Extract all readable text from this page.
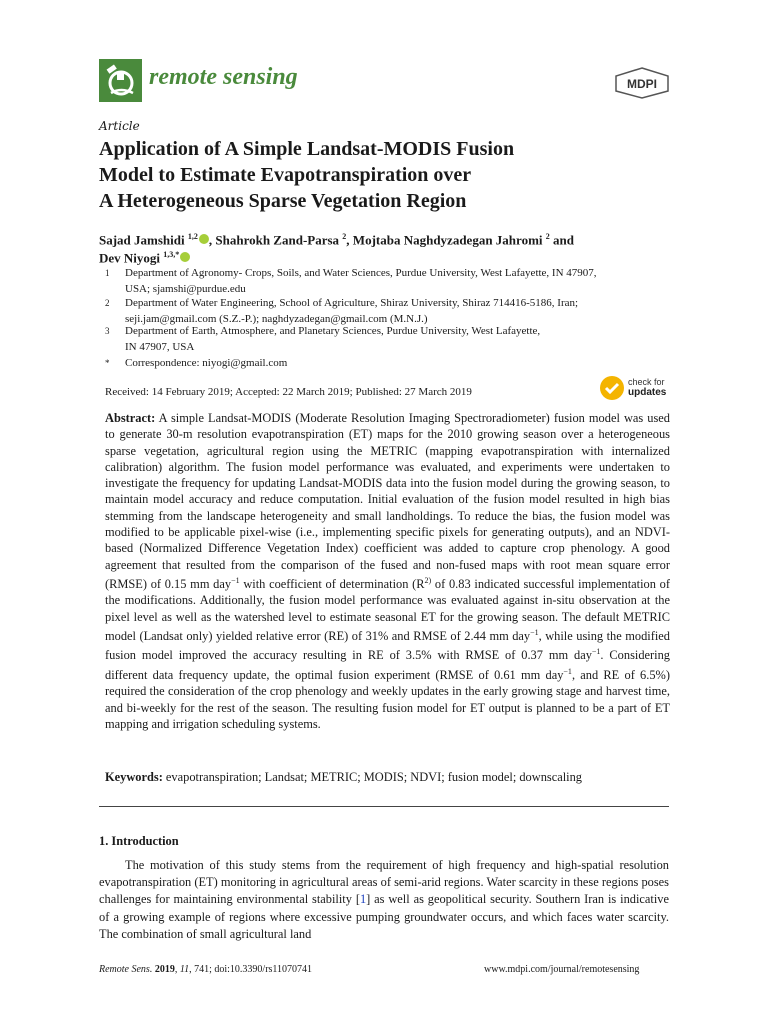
remote sensing	MDPI
Article
Application of A Simple Landsat-MODIS Fusion
Model to Estimate Evapotranspiration over
A Heterogeneous Sparse Vegetation Region
Sajad Jamshidi $^{1,2}$ , Shahrokh Zand-Parsa $^2$, Mojtaba Naghdyzadegan Jahromi $^2$ and
Dev Niyogi $^{1,3,*}$
1 Department of Agronomy- Crops, Soils, and Water Sciences, Purdue University, West Lafayette, IN 47907,
USA; sjamshi@purdue.edu
2 Department of Water Engineering, School of Agriculture, Shiraz University, Shiraz 714416-5186, Iran;
seji.jam@gmail.com (S.Z.-P.); naghdyzadegan@gmail.com (M.N.J.)
3 Department of Earth, Atmosphere, and Planetary Sciences, Purdue University, West Lafayette,
IN 47907, USA
* Correspondence: niyogi@gmail.com
Received: 14 February 2019; Accepted: 22 March 2019; Published: 27 March 2019
check for
updates
Abstract: A simple Landsat-MODIS (Moderate Resolution Imaging Spectroradiometer) fusion model was used to generate 30-m resolution evapotranspiration (ET) maps for the 2010 growing season over a heterogeneous sparse vegetation, agricultural region using the METRIC (mapping evapotranspiration with internalized calibration) algorithm. The fusion model performance was evaluated, and experiments were undertaken to investigate the frequency for updating Landsat-MODIS data into the fusion model during the growing season, to maintain model accuracy and reduce computation. Initial evaluation of the fusion model resulted in high bias stemming from the landscape heterogeneity and small landholdings. To reduce the bias, the fusion model was modified to be applicable pixel-wise (i.e., implementing specific pixels for generating outputs), and an NDVI-based (Normalized Difference Vegetation Index) coefficient was added to capture crop phenology. A good agreement that resulted from the comparison of the fused and non-fused maps with root mean square error (RMSE) of 0.15 mm day$^{-1}$ with coefficient of determination ($R^{2)}$ of 0.83 indicated successful implementation of the modifications. Additionally, the fusion model performance was evaluated against in-situ observation at the pixel level as well as the watershed level to estimate seasonal ET for the growing season. The default METRIC model (Landsat only) yielded relative error (RE) of 31% and RMSE of 2.44 mm day$^{-1}$, while using the modified fusion model improved the accuracy resulting in RE of 3.5% with RMSE of 0.37 mm day$^{-1}$. Considering different data frequency update, the optimal fusion experiment (RMSE of 0.61 mm day$^{-1}$, and RE of 6.5%) required the consideration of the crop phenology and weekly updates in the early growing stage and harvest time, and bi-weekly for the rest of the season. The resulting fusion model for ET output is planned to be a part of ET mapping and irrigation scheduling systems.
Keywords: evapotranspiration; Landsat; METRIC; MODIS; NDVI; fusion model; downscaling
1. Introduction
The motivation of this study stems from the requirement of high frequency and high-spatial resolution evapotranspiration (ET) monitoring in agricultural areas of semi-arid regions. Water scarcity in these regions poses challenges for maintaining environmental stability [1] as well as geopolitical security. Southern Iran is indicative of a growing example of regions where excessive pumping groundwater occurs, and which faces water scarcity. The combination of small agricultural land
Remote Sens. 2019, 11, 741; doi:10.3390/rs11070741	www.mdpi.com/journal/remotesensing
